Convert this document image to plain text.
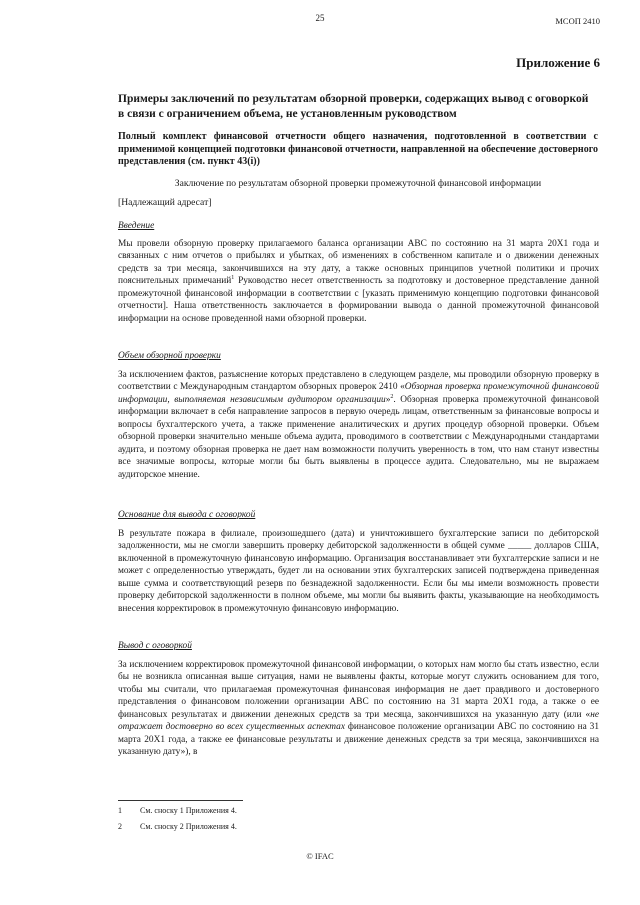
25	МСОП 2410
Приложение 6
Примеры заключений по результатам обзорной проверки, содержащих вывод с оговоркой в связи с ограничением объема, не установленным руководством
Полный комплект финансовой отчетности общего назначения, подготовленной в соответствии с применимой концепцией подготовки финансовой отчетности, направленной на обеспечение достоверного представления (см. пункт 43(i))
Заключение по результатам обзорной проверки промежуточной финансовой информации
[Надлежащий адресат]
Введение
Мы провели обзорную проверку прилагаемого баланса организации ABC по состоянию на 31 марта 20X1 года и связанных с ним отчетов о прибылях и убытках, об изменениях в собственном капитале и о движении денежных средств за три месяца, закончившихся на эту дату, а также основных принципов учетной политики и прочих пояснительных примечаний$^1$ Руководство несет ответственность за подготовку и достоверное представление данной промежуточной финансовой информации в соответствии с [указать применимую концепцию подготовки финансовой отчетности]. Наша ответственность заключается в формировании вывода о данной промежуточной финансовой информации на основе проведенной нами обзорной проверки.
Объем обзорной проверки
За исключением фактов, разъяснение которых представлено в следующем разделе, мы проводили обзорную проверку в соответствии с Международным стандартом обзорных проверок 2410 «Обзорная проверка промежуточной финансовой информации, выполняемая независимым аудитором организации»$^2$. Обзорная проверка промежуточной финансовой информации включает в себя направление запросов в первую очередь лицам, ответственным за финансовые вопросы и вопросы бухгалтерского учета, а также применение аналитических и других процедур обзорной проверки. Объем обзорной проверки значительно меньше объема аудита, проводимого в соответствии с Международными стандартами аудита, и поэтому обзорная проверка не дает нам возможности получить уверенность в том, что нам станут известны все значимые вопросы, которые могли бы быть выявлены в процессе аудита. Следовательно, мы не выражаем аудиторское мнение.
Основание для вывода с оговоркой
В результате пожара в филиале, произошедшего (дата) и уничтожившего бухгалтерские записи по дебиторской задолженности, мы не смогли завершить проверку дебиторской задолженности в общей сумме _____ долларов США, включенной в промежуточную финансовую информацию. Организация восстанавливает эти бухгалтерские записи и не может с определенностью утверждать, будет ли на основании этих бухгалтерских записей подтверждена приведенная выше сумма и соответствующий резерв по безнадежной задолженности. Если бы мы имели возможность провести проверку дебиторской задолженности в полном объеме, мы могли бы выявить факты, указывающие на необходимость внесения корректировок в промежуточную финансовую информацию.
Вывод с оговоркой
За исключением корректировок промежуточной финансовой информации, о которых нам могло бы стать известно, если бы не возникла описанная выше ситуация, нами не выявлены факты, которые могут служить основанием для того, чтобы мы считали, что прилагаемая промежуточная финансовая информация не дает правдивого и достоверного представления о финансовом положении организации ABC по состоянию на 31 марта 20X1 года, а также о ее финансовых результатах и движении денежных средств за три месяца, закончившихся на указанную дату (или «не отражает достоверно во всех существенных аспектах финансовое положение организации ABC по состоянию на 31 марта 20X1 года, а также ее финансовые результаты и движение денежных средств за три месяца, закончившихся на указанную дату»), в
1 См. сноску 1 Приложения 4.
2 См. сноску 2 Приложения 4.
© IFAC
